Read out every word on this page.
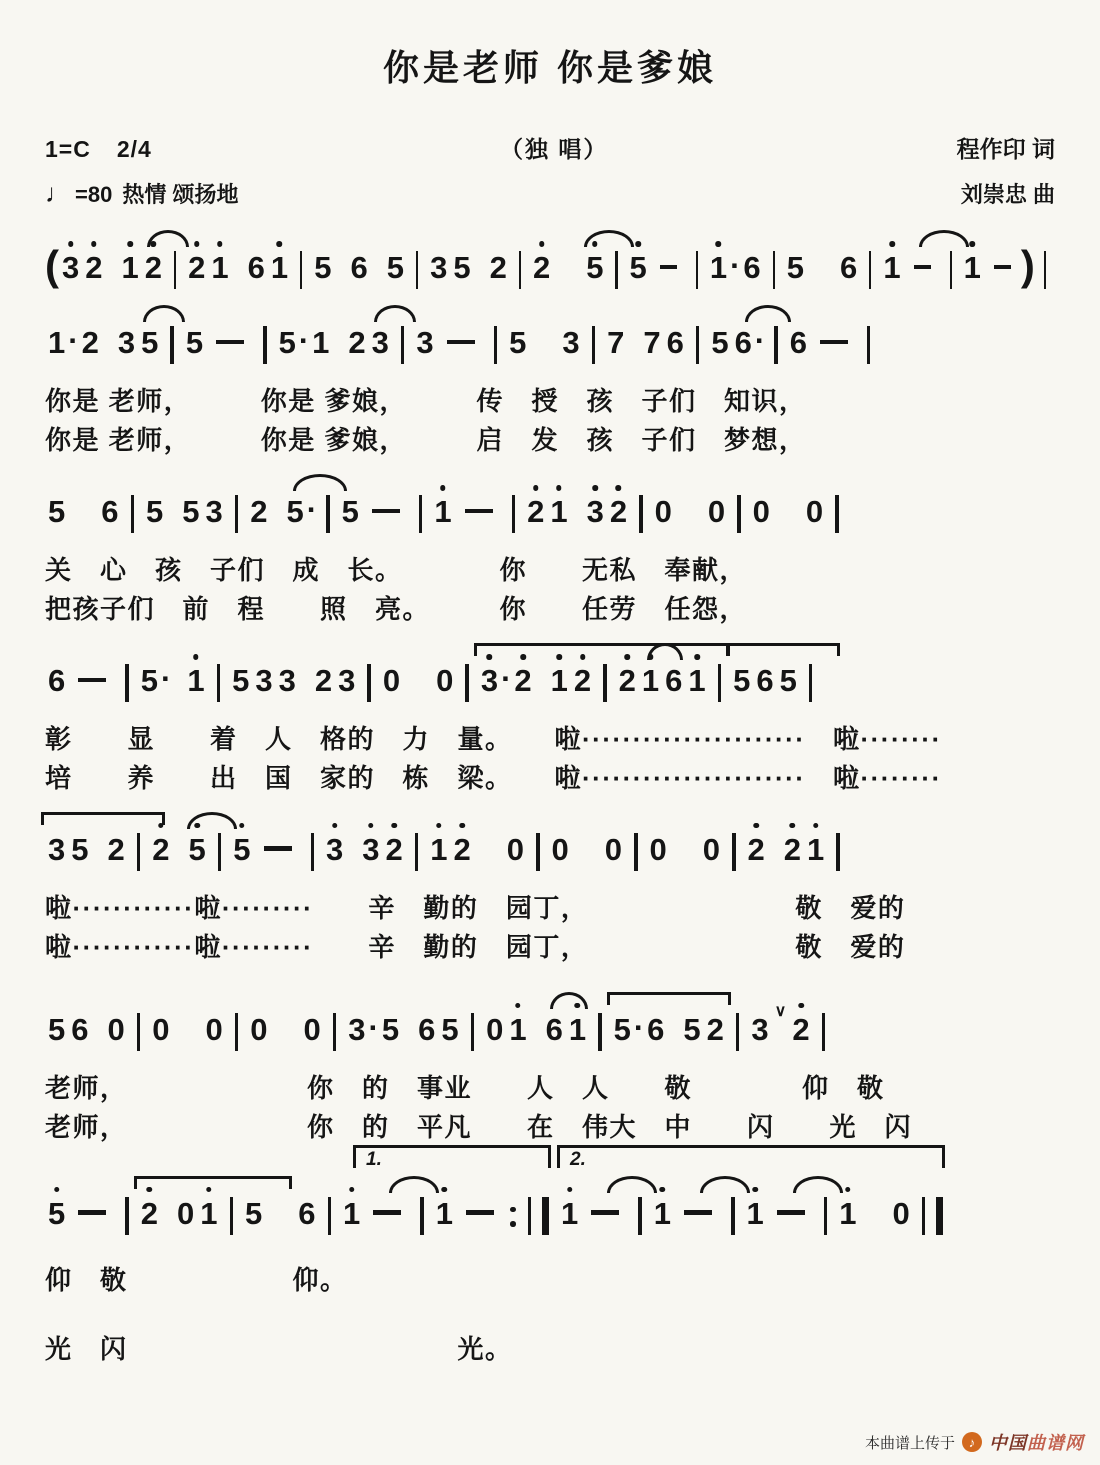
你是老师 你是爹娘
1=C 2/4	（独 唱）	程作印 词
♩ =80 热情 颂扬地	刘崇忠 曲
( 3 2 1 2 2 1 6 1 5 6 5 3 5 2 2 5 5 1 · 6 5 6 1 1 )
1 · 2 3 5 5 5 · 1 2 3 3 5 3 7 7 6 5 6 · 6
你是 老师，　　　你是 爹娘，　　　传　授　孩　子们　知识，
你是 老师，　　　你是 爹娘，　　　启　发　孩　子们　梦想，
5 6 5 5 3 2 5 · 5 1 2 1 3 2 0 0 0 0
关　心　孩　子们　成　长。　　　　你　　无私　奉献，
把孩子们　前　程　　照　亮。　　　你　　任劳　任怨，
6 5 · 1 5 3 3 2 3 0 0 3 · 2 1 2 2 1 6 1 5 6 5
彰　　显　　着　人　格的　力　量。　　啦······················　啦········
培　　养　　出　国　家的　栋　梁。　　啦······················　啦········
3 5 2 2 5 5 3 3 2 1 2 0 0 0 0 0 2 2 1
啦············啦·········　　辛　勤的　园丁，　　　　　　　　敬　爱的
啦············啦·········　　辛　勤的　园丁，　　　　　　　　敬　爱的
5 6 0 0 0 0 0 3 · 5 6 5 0 1 6 1 5 · 6 5 2 3
∨
2
老师，　　　　　　　你　的　事业　　人　人　　敬　　　　仰　敬
老师，　　　　　　　你　的　平凡　　在　伟大　中　　闪　　光　闪
1.	2.
5 2 0 1 5 6 1 1	1 1 1 1 0
仰　敬　　　　　　仰。
光　闪　　　　　　　　　　　　光。
本曲谱上传于 ♪ 中国曲谱网
